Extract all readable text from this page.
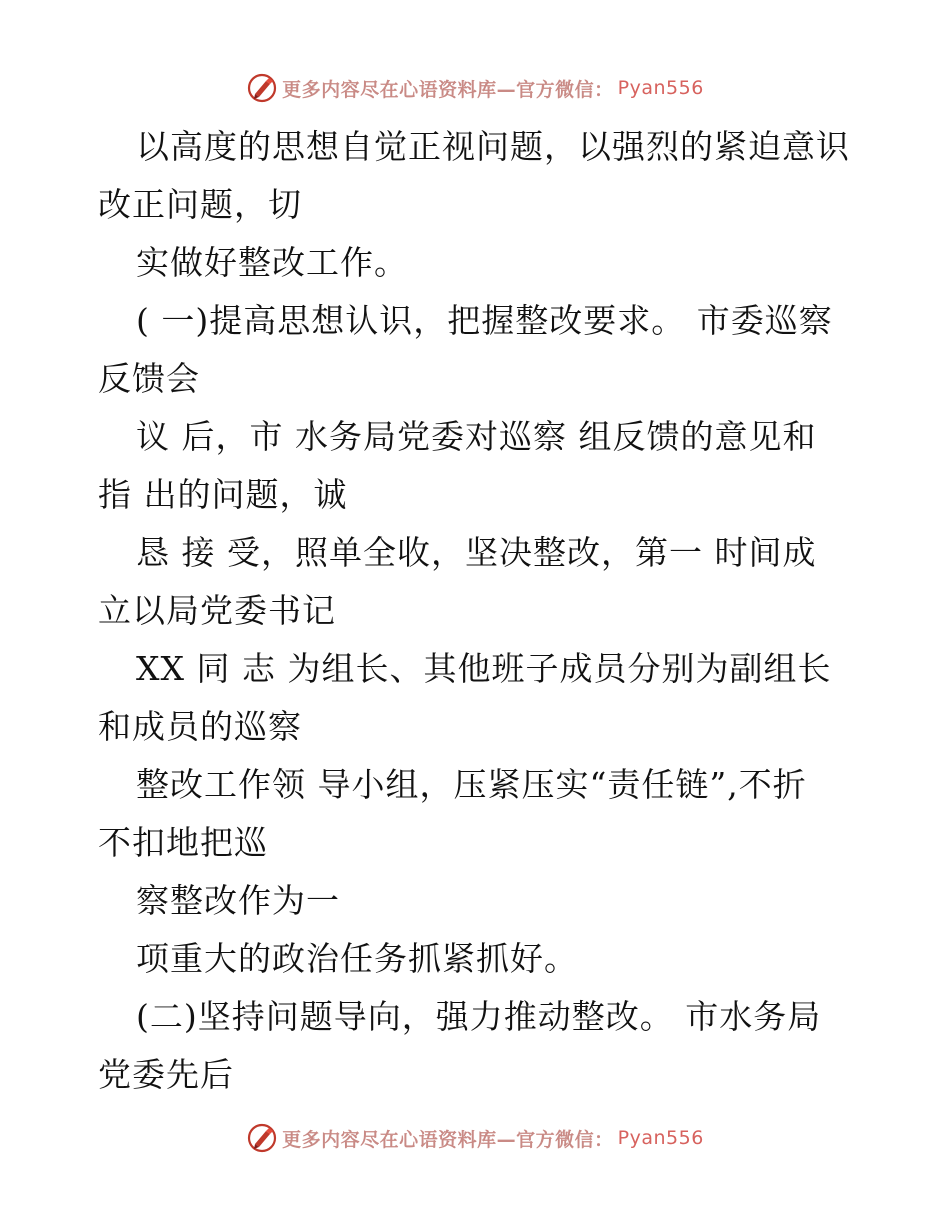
更多内容尽在心语资料库—官方微信： Pyan556
以高度的思想自觉正视问题，以强烈的紧迫意识
改正问题，切
实做好整改工作。
( 一)提高思想认识，把握整改要求。 市委巡察
反馈会
议 后，市 水务局党委对巡察 组反馈的意见和
指 出的问题，诚
恳 接 受，照单全收，坚决整改，第一 时间成
立以局党委书记
XX 同 志 为组长、其他班子成员分别为副组长
和成员的巡察
整改工作领 导小组，压紧压实“责任链”,不折
不扣地把巡
察整改作为一
项重大的政治任务抓紧抓好。
(二)坚持问题导向，强力推动整改。 市水务局
党委先后
更多内容尽在心语资料库—官方微信： Pyan556
